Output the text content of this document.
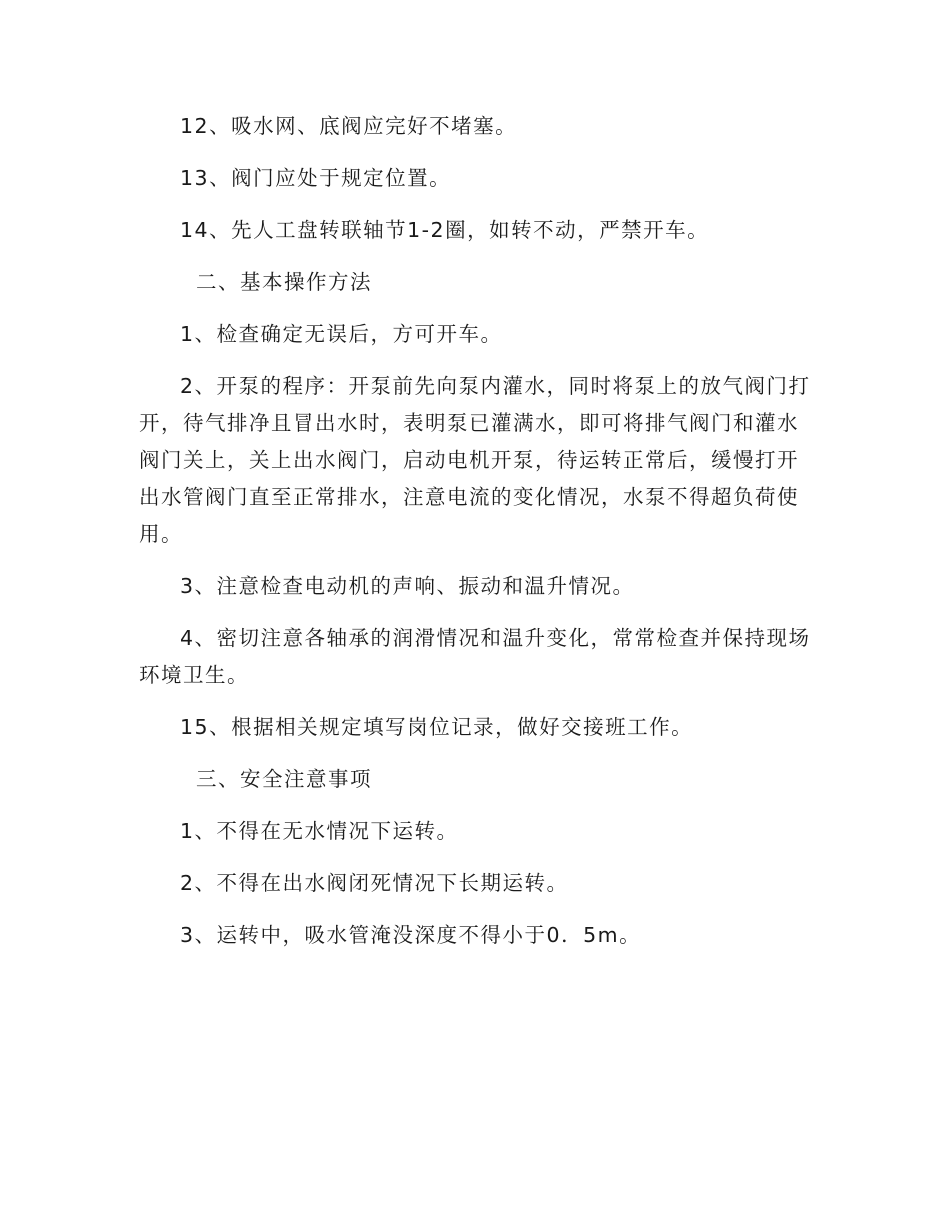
12、吸水网、底阀应完好不堵塞。

13、阀门应处于规定位置。

14、先人工盘转联轴节1-2圈，如转不动，严禁开车。

二、基本操作方法

1、检查确定无误后，方可开车。

2、开泵的程序：开泵前先向泵内灌水，同时将泵上的放气阀门打开，待气排净且冒出水时，表明泵已灌满水，即可将排气阀门和灌水阀门关上，关上出水阀门，启动电机开泵，待运转正常后，缓慢打开出水管阀门直至正常排水，注意电流的变化情况，水泵不得超负荷使用。

3、注意检查电动机的声响、振动和温升情况。

4、密切注意各轴承的润滑情况和温升变化，常常检查并保持现场环境卫生。

15、根据相关规定填写岗位记录，做好交接班工作。

三、安全注意事项

1、不得在无水情况下运转。

2、不得在出水阀闭死情况下长期运转。

3、运转中，吸水管淹没深度不得小于0．5m。
